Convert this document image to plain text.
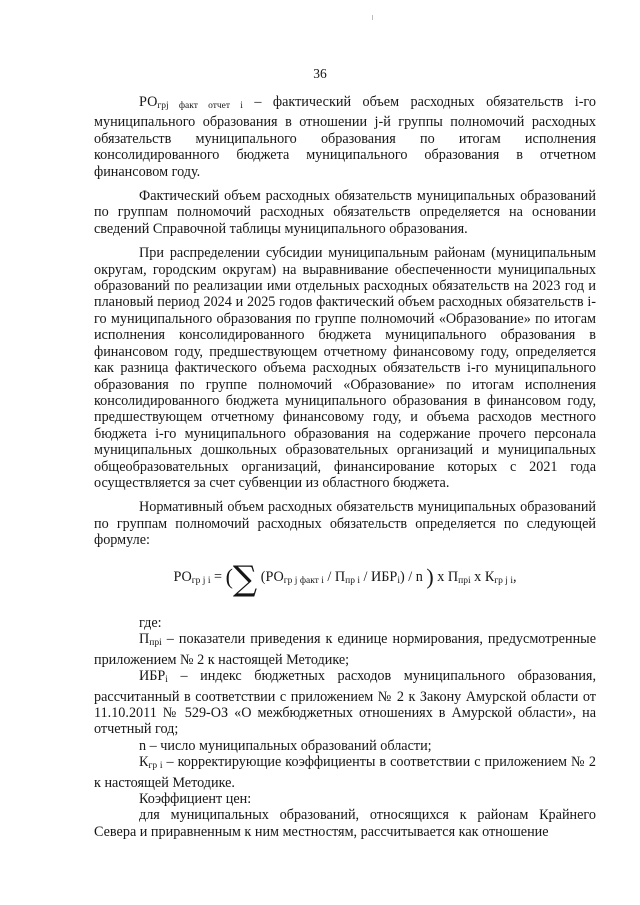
36

$РО_{грj факт отчет i}$ – фактический объем расходных обязательств i-го муниципального образования в отношении j-й группы полномочий расходных обязательств муниципального образования по итогам исполнения консолидированного бюджета муниципального образования в отчетном финансовом году.

Фактический объем расходных обязательств муниципальных образований по группам полномочий расходных обязательств определяется на основании сведений Справочной таблицы муниципального образования.

При распределении субсидии муниципальным районам (муниципальным округам, городским округам) на выравнивание обеспеченности муниципальных образований по реализации ими отдельных расходных обязательств на 2023 год и плановый период 2024 и 2025 годов фактический объем расходных обязательств i-го муниципального образования по группе полномочий «Образование» по итогам исполнения консолидированного бюджета муниципального образования в финансовом году, предшествующем отчетному финансовому году, определяется как разница фактического объема расходных обязательств i-го муниципального образования по группе полномочий «Образование» по итогам исполнения консолидированного бюджета муниципального образования в финансовом году, предшествующем отчетному финансовому году, и объема расходов местного бюджета i-го муниципального образования на содержание прочего персонала муниципальных дошкольных образовательных организаций и муниципальных общеобразовательных организаций, финансирование которых с 2021 года осуществляется за счет субвенции из областного бюджета.

Нормативный объем расходных обязательств муниципальных образований по группам полномочий расходных обязательств определяется по следующей формуле:

$РО_{гр j i}$ = (∑ $(РО_{гр j факт i} / П_{пр i} / ИБР_i)$ / n ) х $П_{прi}$ х $К_{гр j i}$,

где:

$П_{прi}$ – показатели приведения к единице нормирования, предусмотренные приложением № 2 к настоящей Методике;

$ИБР_i$ – индекс бюджетных расходов муниципального образования, рассчитанный в соответствии с приложением № 2 к Закону Амурской области от 11.10.2011 № 529-ОЗ «О межбюджетных отношениях в Амурской области», на отчетный год;

n – число муниципальных образований области;

$К_{гр i}$ – корректирующие коэффициенты в соответствии с приложением № 2 к настоящей Методике.

Коэффициент цен:

для муниципальных образований, относящихся к районам Крайнего Севера и приравненным к ним местностям, рассчитывается как отношение
